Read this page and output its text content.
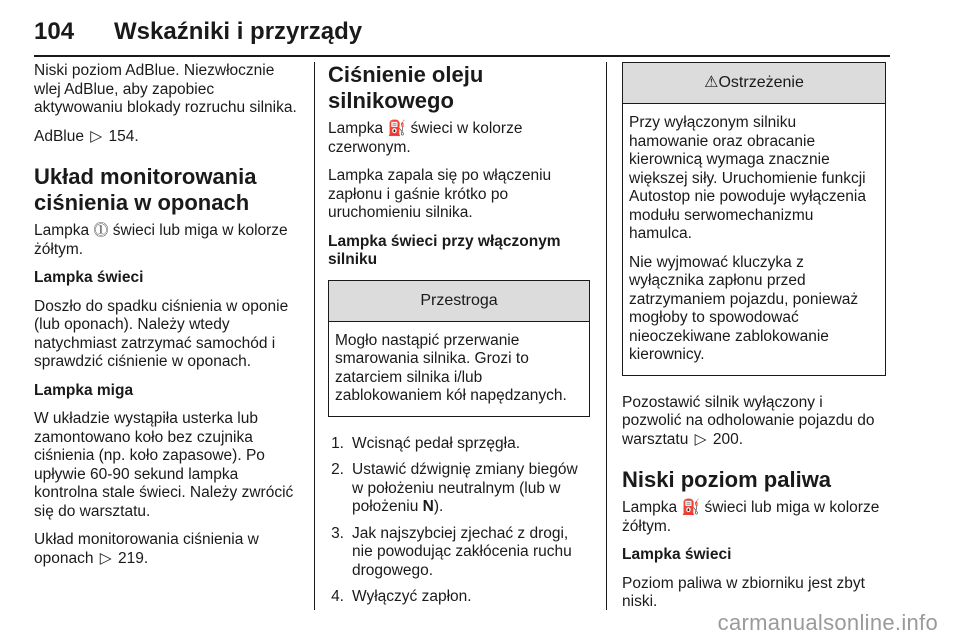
104 Wskaźniki i przyrządy

Niski poziom AdBlue. Niezwłocznie wlej AdBlue, aby zapobiec aktywowaniu blokady rozruchu silnika.

AdBlue ▷ 154.

Układ monitorowania ciśnienia w oponach

Lampka ⓵ świeci lub miga w kolorze żółtym.

Lampka świeci

Doszło do spadku ciśnienia w oponie (lub oponach). Należy wtedy natychmiast zatrzymać samochód i sprawdzić ciśnienie w oponach.

Lampka miga

W układzie wystąpiła usterka lub zamontowano koło bez czujnika ciśnienia (np. koło zapasowe). Po upływie 60-90 sekund lampka kontrolna stale świeci. Należy zwrócić się do warsztatu.

Układ monitorowania ciśnienia w oponach ▷ 219.

Ciśnienie oleju silnikowego

Lampka ⛽ świeci w kolorze czerwonym.

Lampka zapala się po włączeniu zapłonu i gaśnie krótko po uruchomieniu silnika.

Lampka świeci przy włączonym silniku
Przestroga

Mogło nastąpić przerwanie smarowania silnika. Grozi to zatarciem silnika i/lub zablokowaniem kół napędzanych.

1. Wcisnąć pedał sprzęgła.
2. Ustawić dźwignię zmiany biegów w położeniu neutralnym (lub w położeniu N).
3. Jak najszybciej zjechać z drogi, nie powodując zakłócenia ruchu drogowego.
4. Wyłączyć zapłon.
⚠Ostrzeżenie

Przy wyłączonym silniku hamowanie oraz obracanie kierownicą wymaga znacznie większej siły. Uruchomienie funkcji Autostop nie powoduje wyłączenia modułu serwomechanizmu hamulca.

Nie wyjmować kluczyka z wyłącznika zapłonu przed zatrzymaniem pojazdu, ponieważ mogłoby to spowodować nieoczekiwane zablokowanie kierownicy.

Pozostawić silnik wyłączony i pozwolić na odholowanie pojazdu do warsztatu ▷ 200.

Niski poziom paliwa

Lampka ⛽ świeci lub miga w kolorze żółtym.

Lampka świeci

Poziom paliwa w zbiorniku jest zbyt niski.

carmanualsonline.info
